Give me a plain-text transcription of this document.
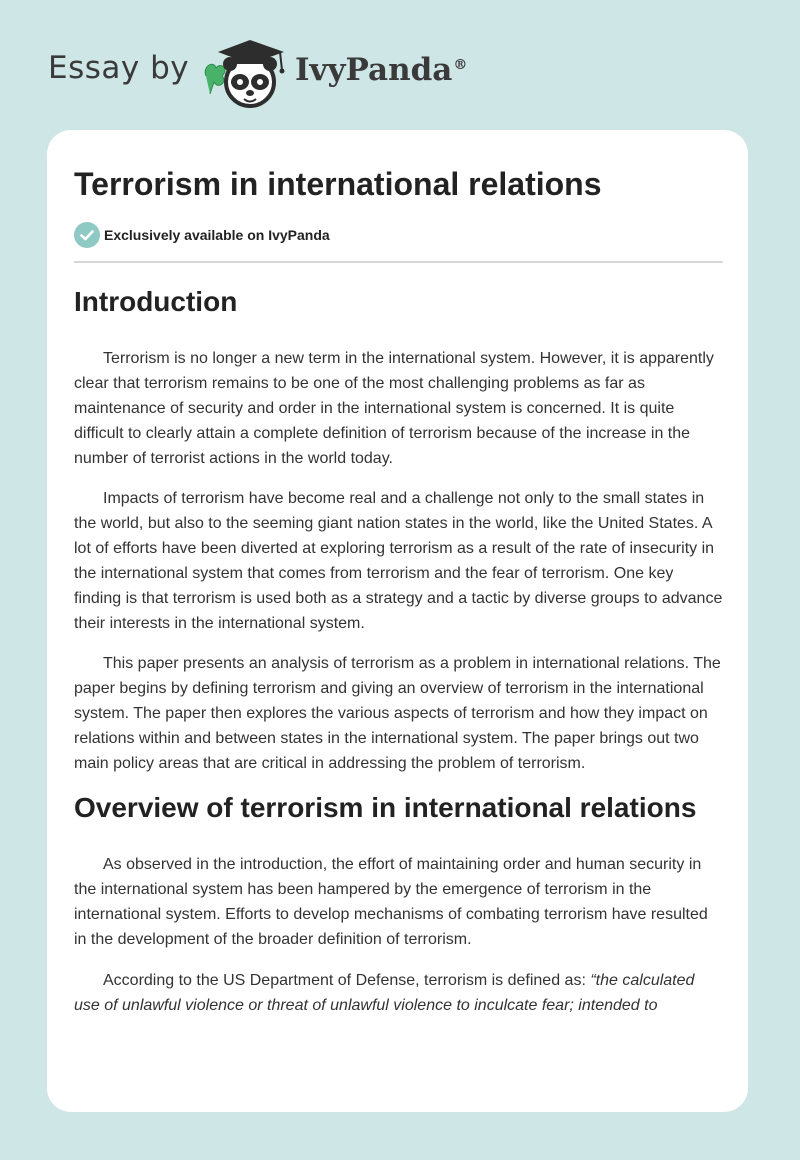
Essay by	IvyPanda®
Terrorism in international relations
Exclusively available on IvyPanda
Introduction

Terrorism is no longer a new term in the international system. However, it is apparently clear that terrorism remains to be one of the most challenging problems as far as maintenance of security and order in the international system is concerned. It is quite difficult to clearly attain a complete definition of terrorism because of the increase in the number of terrorist actions in the world today.

Impacts of terrorism have become real and a challenge not only to the small states in the world, but also to the seeming giant nation states in the world, like the United States. A lot of efforts have been diverted at exploring terrorism as a result of the rate of insecurity in the international system that comes from terrorism and the fear of terrorism. One key finding is that terrorism is used both as a strategy and a tactic by diverse groups to advance their interests in the international system.

This paper presents an analysis of terrorism as a problem in international relations. The paper begins by defining terrorism and giving an overview of terrorism in the international system. The paper then explores the various aspects of terrorism and how they impact on relations within and between states in the international system. The paper brings out two main policy areas that are critical in addressing the problem of terrorism.

Overview of terrorism in international relations

As observed in the introduction, the effort of maintaining order and human security in the international system has been hampered by the emergence of terrorism in the international system. Efforts to develop mechanisms of combating terrorism have resulted in the development of the broader definition of terrorism.

According to the US Department of Defense, terrorism is defined as: “the calculated use of unlawful violence or threat of unlawful violence to inculcate fear; intended to
